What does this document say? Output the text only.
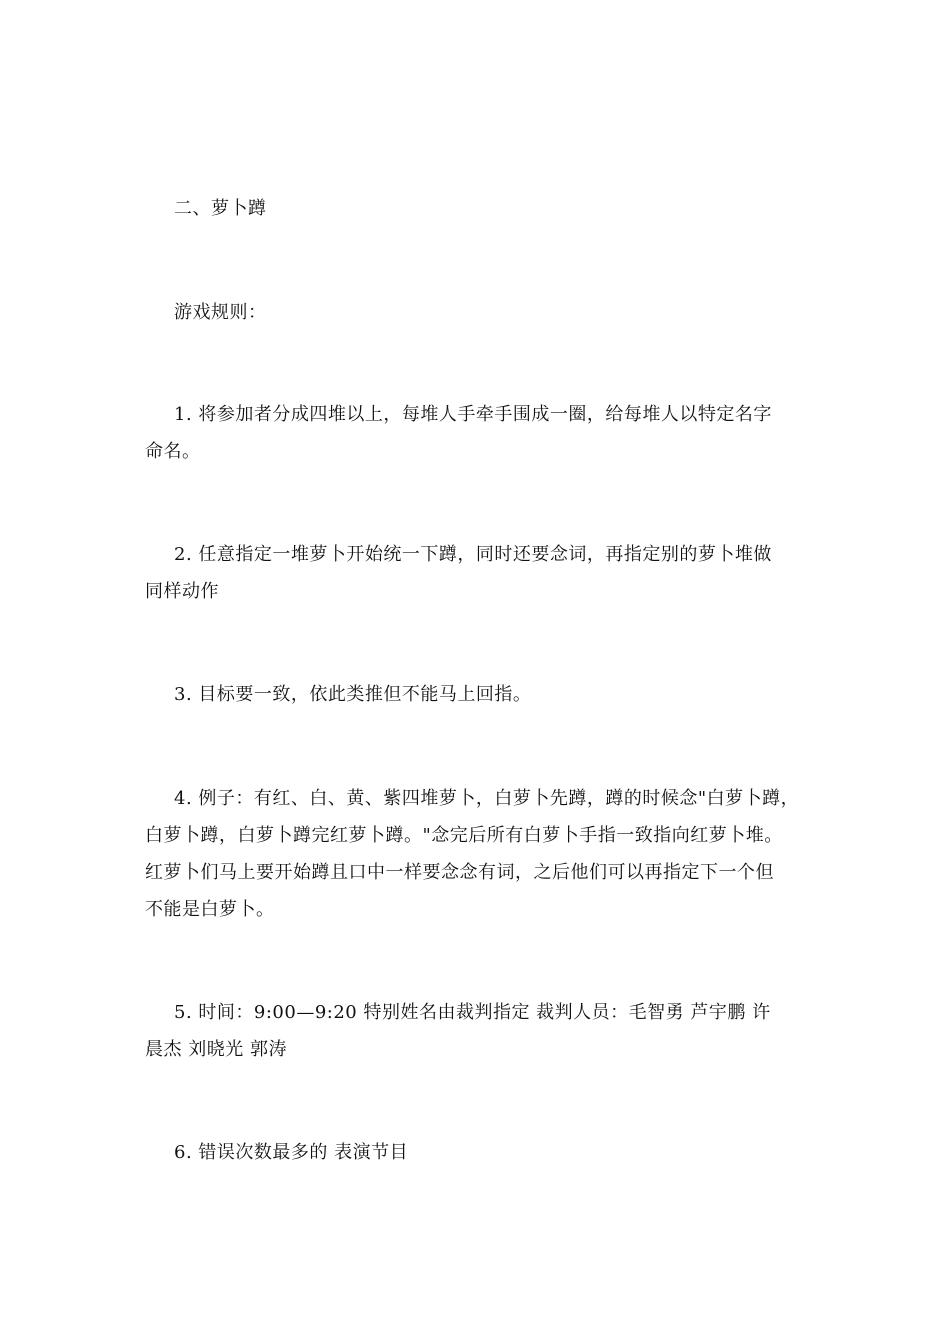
二、萝卜蹲
游戏规则：
1. 将参加者分成四堆以上，每堆人手牵手围成一圈，给每堆人以特定名字
命名。
2. 任意指定一堆萝卜开始统一下蹲，同时还要念词，再指定别的萝卜堆做
同样动作
3. 目标要一致，依此类推但不能马上回指。
4. 例子：有红、白、黄、紫四堆萝卜，白萝卜先蹲，蹲的时候念"白萝卜蹲，
白萝卜蹲，白萝卜蹲完红萝卜蹲。"念完后所有白萝卜手指一致指向红萝卜堆。
红萝卜们马上要开始蹲且口中一样要念念有词，之后他们可以再指定下一个但
不能是白萝卜。
5. 时间：9:00—9:20 特别姓名由裁判指定 裁判人员：毛智勇 芦宇鹏 许
晨杰 刘晓光 郭涛
6. 错误次数最多的 表演节目
